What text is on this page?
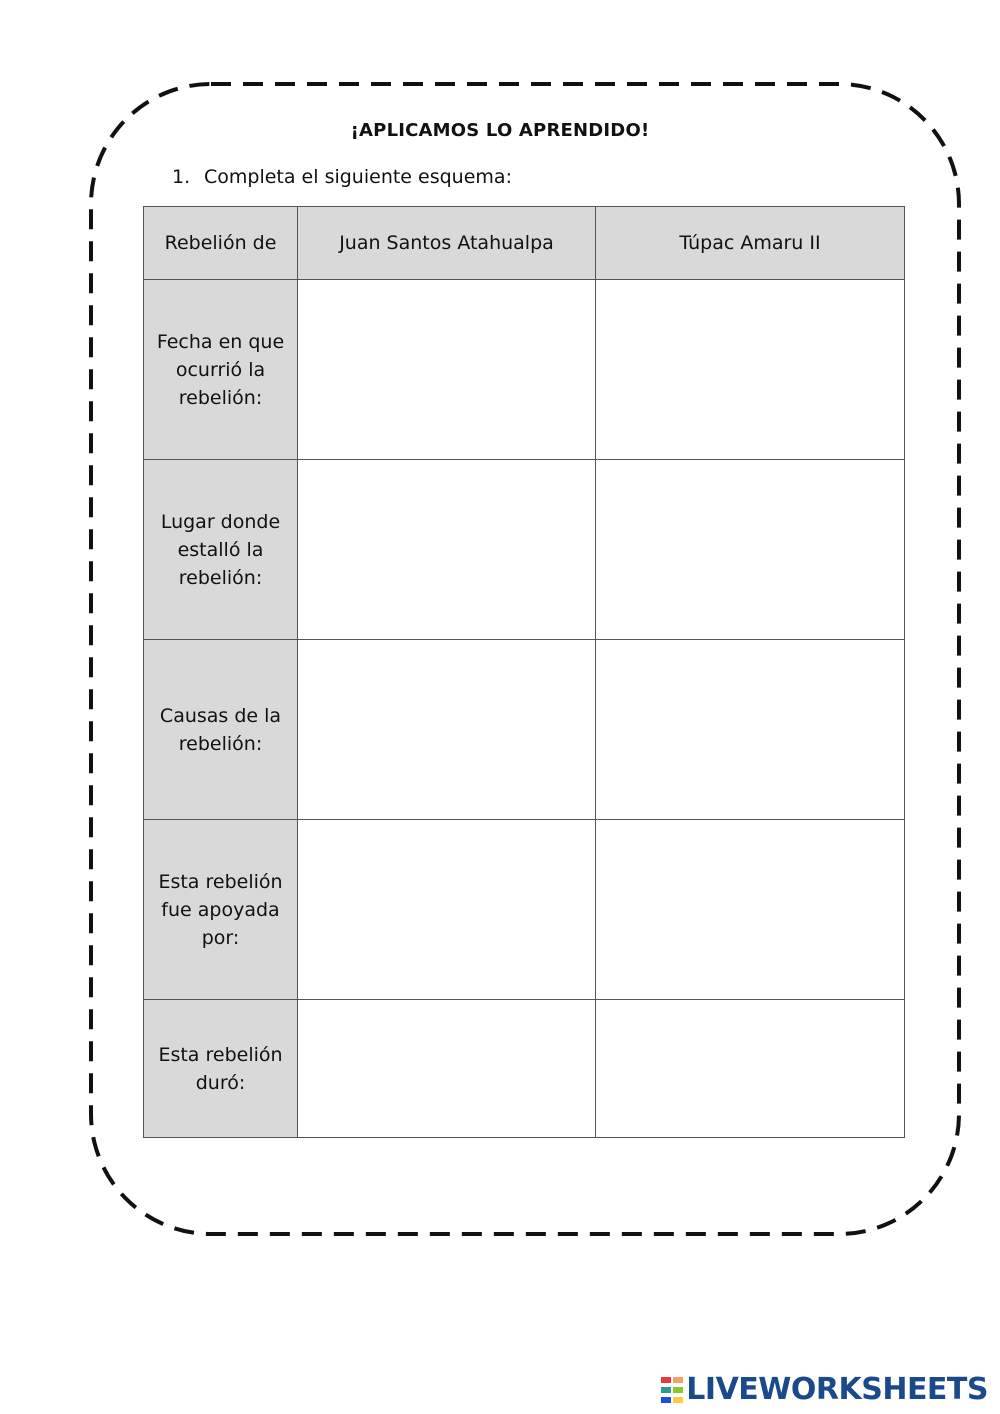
¡APLICAMOS LO APRENDIDO!
1. Completa el siguiente esquema:
Rebelión de	Juan Santos Atahualpa	Túpac Amaru II
Fecha en que ocurrió la rebelión:		
Lugar donde estalló la rebelión:		
Causas de la rebelión:		
Esta rebelión fue apoyada por:		
Esta rebelión duró:		
LIVEWORKSHEETS
